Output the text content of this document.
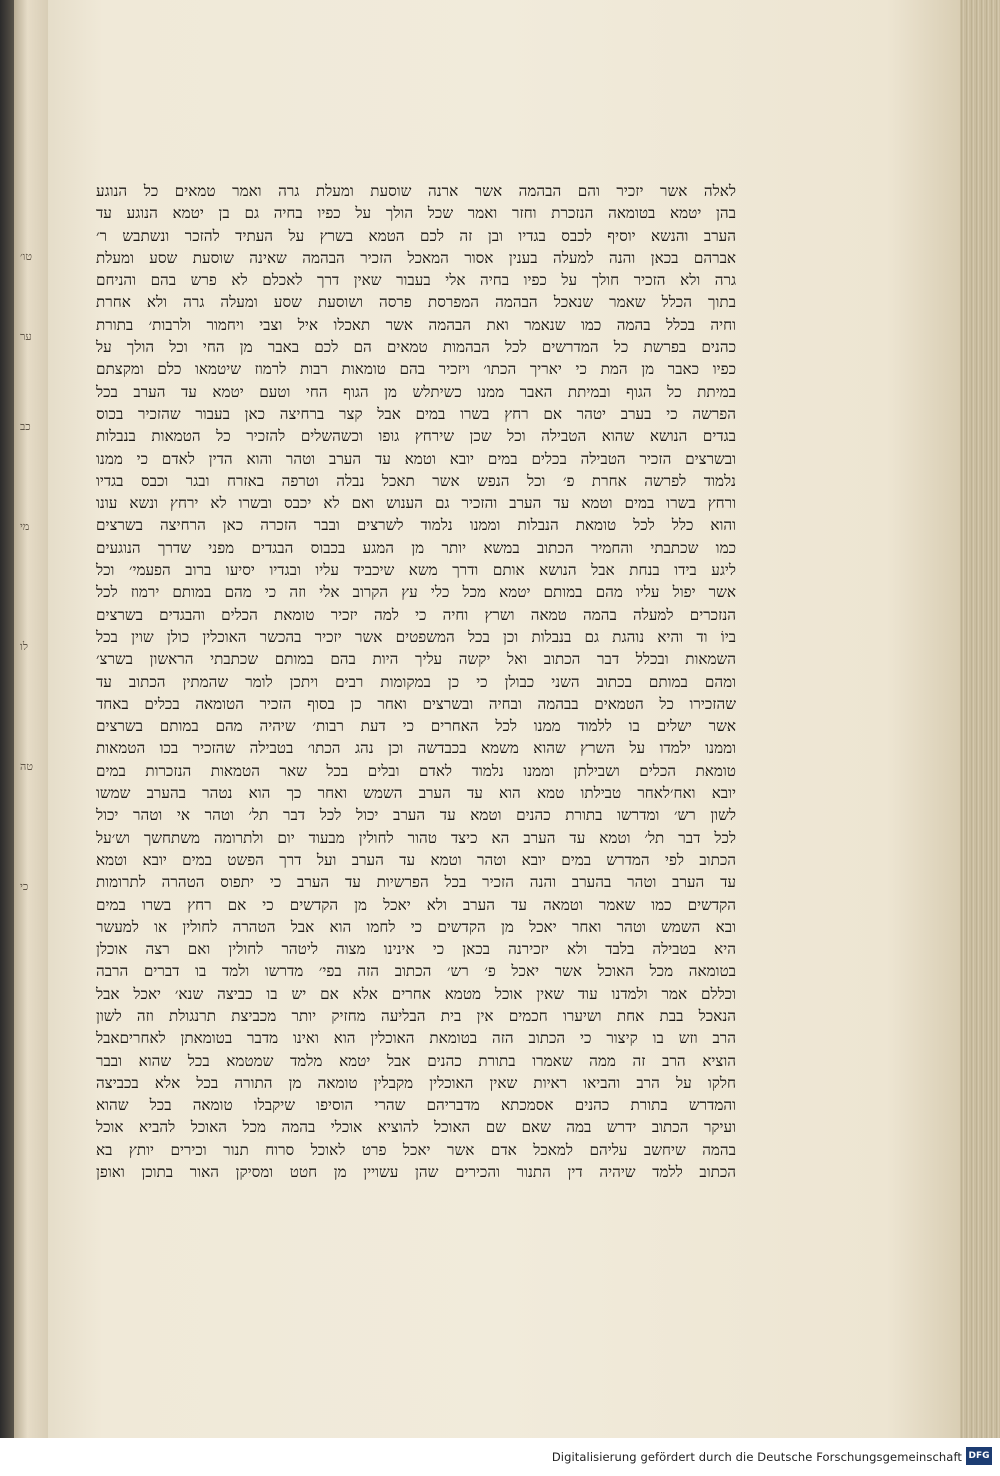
טו׳
ער
כב
מי
לו
טה
כי
לאלה אשר יזכיר והם הבהמה אשר ארנה שוסעת ומעלת גרה ואמר טמאים כל הנוגע
בהן יטמא בטומאה הנזכרת וחזר ואמר שכל הולך על כפיו בחיה גם בן יטמא הנוגע עד
הערב והנשא יוסיף לכבס בגדיו ובן זה לכם הטמא בשרץ על העתיד להזכר ונשתבש ר׳
אברהם בכאן והנה למעלה בענין אסור המאכל הזכיר הבהמה שאינה שוסעת שסע ומעלת
גרה ולא הזכיר חולך על כפיו בחיה אלי בעבור שאין דרך לאכלם לא פרש בהם והניחם
בתוך הכלל שאמר שנאכל הבהמה המפרסת פרסה ושוסעת שסע ומעלה גרה ולא אחרת
וחיה בכלל בהמה כמו שנאמר ואת הבהמה אשר תאכלו איל וצבי ויחמור ולרבות׳ בתורת
כהנים בפרשת כל המדרשים לכל הבהמות טמאים הם לכם באבר מן החי וכל הולך על
כפיו כאבר מן המת כי יאריך הכתו׳ ויזכיר בהם טומאות רבות לרמוז שיטמאו כלם ומקצתם
במיתת כל הגוף ובמיתת האבר ממנו כשיתלש מן הגוף החי וטעם יטמא עד הערב בכל
הפרשה כי בערב יטהר אם רחץ בשרו במים אבל קצר ברחיצה כאן בעבור שהזכיר בכוס
בגדים הנושא שהוא הטבילה וכל שכן שירחץ גופו וכשהשלים להזכיר כל הטמאות בנבלות
ובשרצים הזכיר הטבילה בכלים במים יובא וטמא עד הערב וטהר והוא הדין לאדם כי ממנו
נלמוד לפרשה אחרת פ׳ וכל הנפש אשר תאכל נבלה וטרפה באזרח ובגר וכבס בגדיו
ורחץ בשרו במים וטמא עד הערב והזכיר גם הענוש ואם לא יכבס ובשרו לא ירחץ ונשא עונו
והוא כלל לכל טומאת הנבלות וממנו נלמוד לשרצים ובבר הזכרה כאן הרחיצה בשרצים
כמו שכתבתי והחמיר הכתוב במשא יותר מן המגע בכבוס הבגדים מפני שדרך הנוגעים
ליגע בידו בנחת אבל הנושא אותם ודרך משא שיכביד עליו ובגדיו יסיעו ברוב הפעמי׳ וכל
אשר יפול עליו מהם במותם יטמא מכל כלי עץ הקרוב אלי וזה כי מהם במותם ירמוז לכל
הנזכרים למעלה בהמה טמאה ושרץ וחיה כי למה יזכיר טומאת הכלים והבגדים בשרצים
ביוֹ וד והיא נוהגת גם בנבלות וכן בכל המשפטים אשר יזכיר בהכשר האוכלין כולן שוין בכל
השמאות ובכלל דבר הכתוב ואל יקשה עליך היות בהם במותם שכתבתי הראשון בשרצ׳
ומהם במותם בכתוב השני כבולן כי כן במקומות רבים ויתכן לומר שהמתין הכתוב עד
שהזכירו כל הטמאים בבהמה ובחיה ובשרצים ואחר כן בסוף הזכיר הטומאה בכלים באחד
אשר ישלים בו ללמוד ממנו לכל האחרים כי דעת רבות׳ שיהיה מהם במותם בשרצים
וממנו ילמדו על השרץ שהוא משמא בכבדשה וכן נהג הכתו׳ בטבילה שהזכיר בכו הטמאות
טומאת הכלים ושבילתן וממנו נלמוד לאדם ובלים בכל שאר הטמאות הנזכרות במים
יובא ואח׳לאחר טבילתו טמא הוא עד הערב השמש ואחר כך הוא נטהר בהערב שמשו
לשון רש׳ ומדרשו בתורת כהנים וטמא עד הערב יכול לכל דבר תל׳ וטהר אי וטהר יכול
לכל דבר תל׳ וטמא עד הערב הא כיצד טהור לחולין מבעוד יום ולתרומה משתחשך וש׳על
הכתוב לפי המדרש במים יובא וטהר וטמא עד הערב ועל דרך הפשט במים יובא וטמא
עד הערב וטהר בהערב והנה הזכיר בכל הפרשיות עד הערב כי יתפוס הטהרה לתרומות
הקדשים כמו שאמר וטמאה עד הערב ולא יאכל מן הקדשים כי אם רחץ בשרו במים
ובא השמש וטהר ואחר יאכל מן הקדשים כי לחמו הוא אבל הטהרה לחולין או למעשר
היא בטבילה בלבד ולא יזכירנה בכאן כי אינינו מצוה ליטהר לחולין ואם רצה אוכלן
בטומאה מכל האוכל אשר יאכל פ׳ רש׳ הכתוב הזה בפי׳ מדרשו ולמד בו דברים הרבה
וכללם אמר ולמדנו עוד שאין אוכל מטמא אחרים אלא אם יש בו כביצה שנא׳ יאכל אבל
הנאכל בבת אחת ושיערו חכמים אין בית הבליעה מחזיק יותר מכביצת תרנגולת וזה לשון
הרב וזש בו קיצור כי הכתוב הזה בטומאת האוכלין הוא ואינו מדבר בטומאתן לאחריםאבל
הוציא הרב זה ממה שאמרו בתורת כהנים אבל יטמא מלמד שמטמא בכל שהוא ובבר
חלקו על הרב והביאו ראיות שאין האוכלין מקבלין טומאה מן התורה בכל אלא בכביצה
והמדרש בתורת כהנים אסמכתא מדבריהם שהרי הוסיפו שיקבלו טומאה בכל שהוא
ועיקר הכתוב ידרש במה שאם שם האוכל להוציא אוכלי בהמה מכל האוכל להביא אוכל
בהמה שיחשב עליהם למאכל אדם אשר יאכל פרט לאוכל סרוח תנור וכירים יותץ בא
הכתוב ללמד שיהיה דין התנור והכירים שהן עשויין מן חטט ומסיקן האור בתוכן ואופן
Digitalisierung gefördert durch die Deutsche Forschungsgemeinschaft DFG
